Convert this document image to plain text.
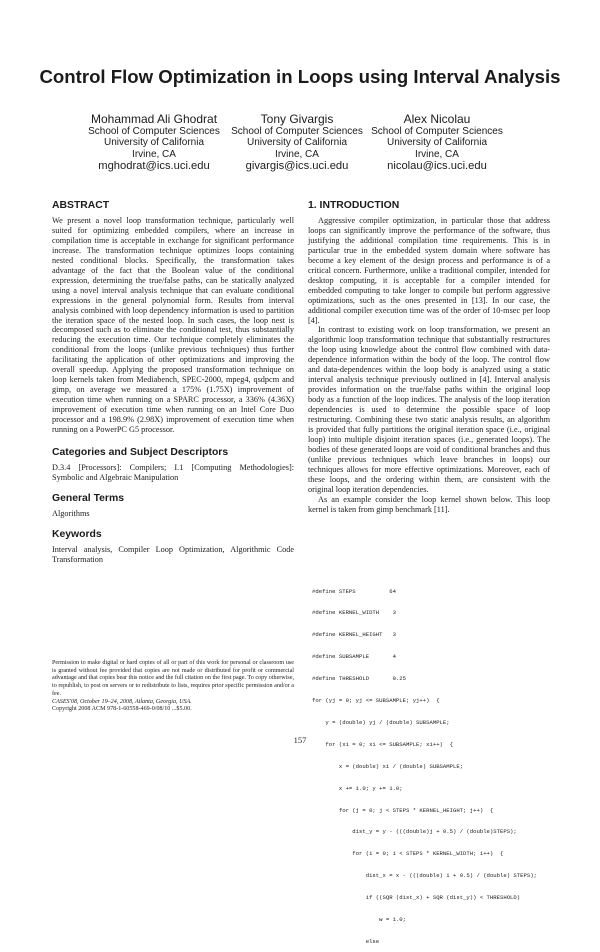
Control Flow Optimization in Loops using Interval Analysis
Mohammad Ali Ghodrat
School of Computer Sciences
University of California
Irvine, CA
mghodrat@ics.uci.edu
Tony Givargis
School of Computer Sciences
University of California
Irvine, CA
givargis@ics.uci.edu
Alex Nicolau
School of Computer Sciences
University of California
Irvine, CA
nicolau@ics.uci.edu
ABSTRACT

We present a novel loop transformation technique, particularly well suited for optimizing embedded compilers, where an increase in compilation time is acceptable in exchange for significant performance increase. The transformation technique optimizes loops containing nested conditional blocks. Specifically, the transformation takes advantage of the fact that the Boolean value of the conditional expression, determining the true/false paths, can be statically analyzed using a novel interval analysis technique that can evaluate conditional expressions in the general polynomial form. Results from interval analysis combined with loop dependency information is used to partition the iteration space of the nested loop. In such cases, the loop nest is decomposed such as to eliminate the conditional test, thus substantially reducing the execution time. Our technique completely eliminates the conditional from the loops (unlike previous techniques) thus further facilitating the application of other optimizations and improving the overall speedup. Applying the proposed transformation technique on loop kernels taken from Mediabench, SPEC-2000, mpeg4, qsdpcm and gimp, on average we measured a 175% (1.75X) improvement of execution time when running on a SPARC processor, a 336% (4.36X) improvement of execution time when running on an Intel Core Duo processor and a 198.9% (2.98X) improvement of execution time when running on a PowerPC G5 processor.

Categories and Subject Descriptors

D.3.4 [Processors]: Compilers; I.1 [Computing Methodologies]: Symbolic and Algebraic Manipulation

General Terms

Algorithms

Keywords

Interval analysis, Compiler Loop Optimization, Algorithmic Code Transformation

Permission to make digital or hard copies of all or part of this work for personal or classroom use is granted without fee provided that copies are not made or distributed for profit or commercial advantage and that copies bear this notice and the full citation on the first page. To copy otherwise, to republish, to post on servers or to redistribute to lists, requires prior specific permission and/or a fee.

CASES'08, October 19–24, 2008, Atlanta, Georgia, USA.

Copyright 2008 ACM 978-1-60558-469-0/08/10 ...$5.00.

1. INTRODUCTION

Aggressive compiler optimization, in particular those that address loops can significantly improve the performance of the software, thus justifying the additional compilation time requirements. This is in particular true in the embedded system domain where software has become a key element of the design process and performance is of a critical concern. Furthermore, unlike a traditional compiler, intended for desktop computing, it is acceptable for a compiler intended for embedded computing to take longer to compile but perform aggressive optimizations, such as the ones presented in [13]. In our case, the additional compiler execution time was of the order of 10-msec per loop [4].

In contrast to existing work on loop transformation, we present an algorithmic loop transformation technique that substantially restructures the loop using knowledge about the control flow combined with data-dependence information within the body of the loop. The control flow and data-dependences within the loop body is analyzed using a static interval analysis technique previously outlined in [4]. Interval analysis provides information on the true/false paths within the original loop body as a function of the loop indices. The analysis of the loop iteration dependencies is used to determine the possible space of loop restructuring. Combining these two static analysis results, an algorithm is provided that fully partitions the original iteration space (i.e., original loop) into multiple disjoint iteration spaces (i.e., generated loops). The bodies of these generated loops are void of conditional branches and thus (unlike previous techniques which leave branches in loops) our techniques allows for more effective optimizations. Moreover, each of these loops, and the ordering within them, are consistent with the original loop iteration dependencies.

As an example consider the loop kernel shown below. This loop kernel is taken from gimp benchmark [11].

#define STEPS          64

#define KERNEL_WIDTH    3

#define KERNEL_HEIGHT   3

#define SUBSAMPLE       4

#define THRESHOLD       0.25

for (yj = 0; yj <= SUBSAMPLE; yj++)  {

y = (double) yj / (double) SUBSAMPLE;

for (xi = 0; xi <= SUBSAMPLE; xi++)  {

x = (double) xi / (double) SUBSAMPLE;

x += 1.0; y += 1.0;

for (j = 0; j < STEPS * KERNEL_HEIGHT; j++)  {

dist_y = y - (((double)j + 0.5) / (double)STEPS);

for (i = 0; i < STEPS * KERNEL_WIDTH; i++)  {

dist_x = x - (((double) i + 0.5) / (double) STEPS);

if ((SQR (dist_x) + SQR (dist_y)) < THRESHOLD)

w = 1.0;

else

157
